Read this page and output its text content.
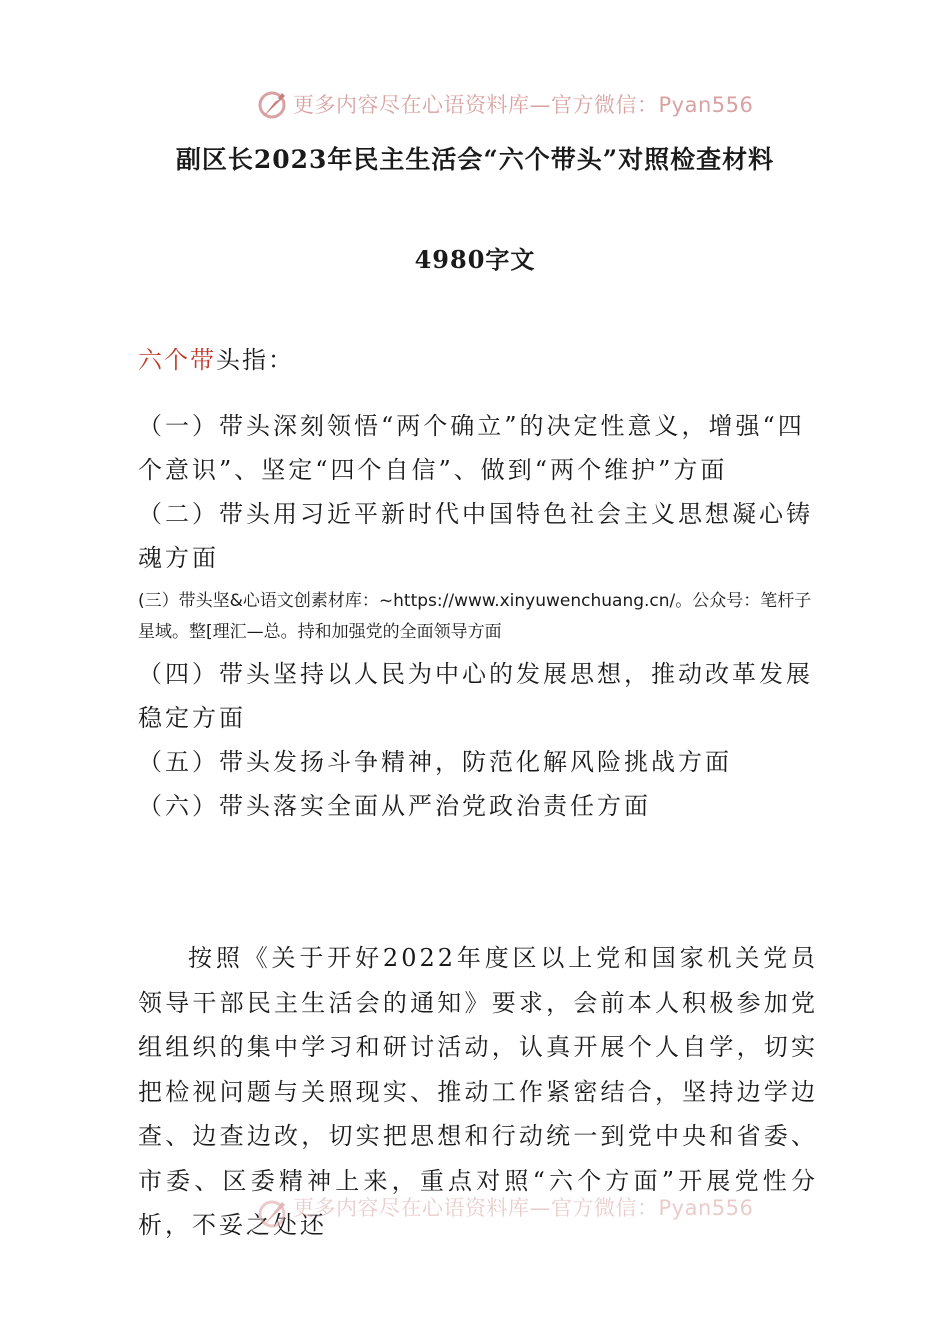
更多内容尽在心语资料库—官方微信：Pyan556
副区长2023年民主生活会“六个带头”对照检查材料
4980字文
六个带头指：
（一）带头深刻领悟“两个确立”的决定性意义，增强“四个意识”、坚定“四个自信”、做到“两个维护”方面
（二）带头用习近平新时代中国特色社会主义思想凝心铸魂方面
(三）带头坚&心语文创素材库：~https://www.xinyuwenchuang.cn/。公众号：笔杆子星域。整[理汇—总。持和加强党的全面领导方面
（四）带头坚持以人民为中心的发展思想，推动改革发展稳定方面
（五）带头发扬斗争精神，防范化解风险挑战方面
（六）带头落实全面从严治党政治责任方面
按照《关于开好2022年度区以上党和国家机关党员领导干部民主生活会的通知》要求，会前本人积极参加党组组织的集中学习和研讨活动，认真开展个人自学，切实把检视问题与关照现实、推动工作紧密结合，坚持边学边查、边查边改，切实把思想和行动统一到党中央和省委、市委、区委精神上来，重点对照“六个方面”开展党性分析，不妥之处还
更多内容尽在心语资料库—官方微信：Pyan556
